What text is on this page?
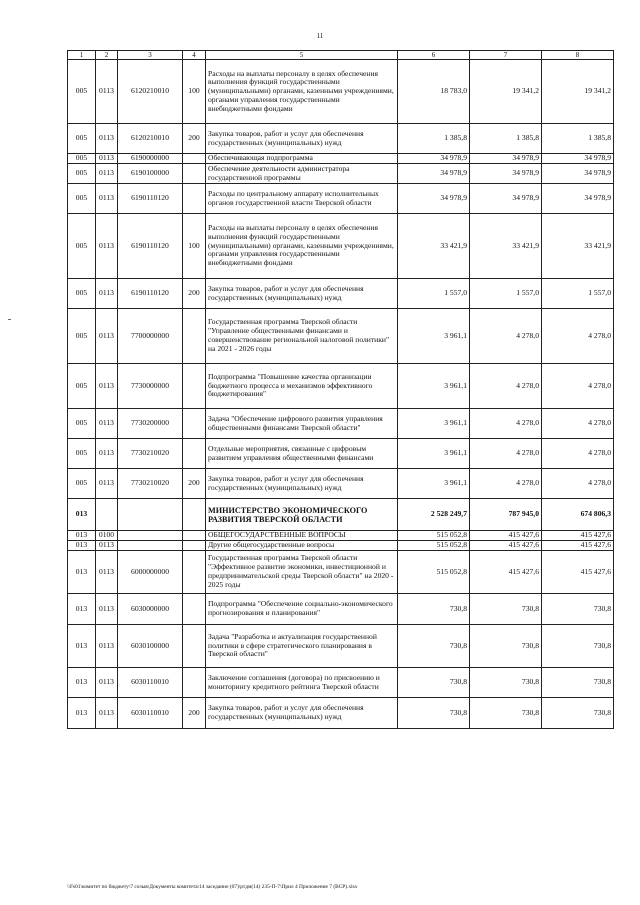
11
1	2	3	4	5	6	7	8
005	0113	6120210010	100	Расходы на выплаты персоналу в целях обеспечения выполнения функций государственными (муниципальными) органами, казенными учреждениями, органами управления государственными внебюджетными фондами	18 783,0	19 341,2	19 341,2
005	0113	6120210010	200	Закупка товаров, работ и услуг для обеспечения государственных (муниципальных) нужд	1 385,8	1 385,8	1 385,8
005	0113	6190000000		Обеспечивающая подпрограмма	34 978,9	34 978,9	34 978,9
005	0113	6190100000		Обеспечение деятельности администратора государственной программы	34 978,9	34 978,9	34 978,9
005	0113	6190110120		Расходы по центральному аппарату исполнительных органов государственной власти Тверской области	34 978,9	34 978,9	34 978,9
005	0113	6190110120	100	Расходы на выплаты персоналу в целях обеспечения выполнения функций государственными (муниципальными) органами, казенными учреждениями, органами управления государственными внебюджетными фондами	33 421,9	33 421,9	33 421,9
005	0113	6190110120	200	Закупка товаров, работ и услуг для обеспечения государственных (муниципальных) нужд	1 557,0	1 557,0	1 557,0
005	0113	7700000000		Государственная программа Тверской области "Управление общественными финансами и совершенствование региональной налоговой политики" на 2021 - 2026 годы	3 961,1	4 278,0	4 278,0
005	0113	7730000000		Подпрограмма "Повышение качества организации бюджетного процесса и механизмов эффективного бюджетирования"	3 961,1	4 278,0	4 278,0
005	0113	7730200000		Задача "Обеспечение цифрового развития управления общественными финансами Тверской области"	3 961,1	4 278,0	4 278,0
005	0113	7730210020		Отдельные мероприятия, связанные с цифровым развитием управления общественными финансами	3 961,1	4 278,0	4 278,0
005	0113	7730210020	200	Закупка товаров, работ и услуг для обеспечения государственных (муниципальных) нужд	3 961,1	4 278,0	4 278,0
013				МИНИСТЕРСТВО ЭКОНОМИЧЕСКОГО РАЗВИТИЯ ТВЕРСКОЙ ОБЛАСТИ	2 528 249,7	787 945,0	674 806,3
013	0100			ОБЩЕГОСУДАРСТВЕННЫЕ ВОПРОСЫ	515 052,8	415 427,6	415 427,6
013	0113			Другие общегосударственные вопросы	515 052,8	415 427,6	415 427,6
013	0113	6000000000		Государственная программа Тверской области "Эффективное развитие экономики, инвестиционной и предпринимательской среды Тверской области" на 2020 - 2025 годы	515 052,8	415 427,6	415 427,6
013	0113	6030000000		Подпрограмма "Обеспечение социально-экономического прогнозирования и планирования"	730,8	730,8	730,8
013	0113	6030100000		Задача "Разработка и актуализация государственной политики в сфере стратегического планирования в Тверской области"	730,8	730,8	730,8
013	0113	6030110010		Заключение соглашения (договора) по присвоению и мониторингу кредитного рейтинга Тверской области	730,8	730,8	730,8
013	0113	6030110010	200	Закупка товаров, работ и услуг для обеспечения государственных (муниципальных) нужд	730,8	730,8	730,8
\\Fs01\комитет по бюджету\7 созыв\Документы комитета\14 заседание (07)\ртдм(14) 235-П-7\Прил 4 Приложение 7 (ВСР).xlsx
